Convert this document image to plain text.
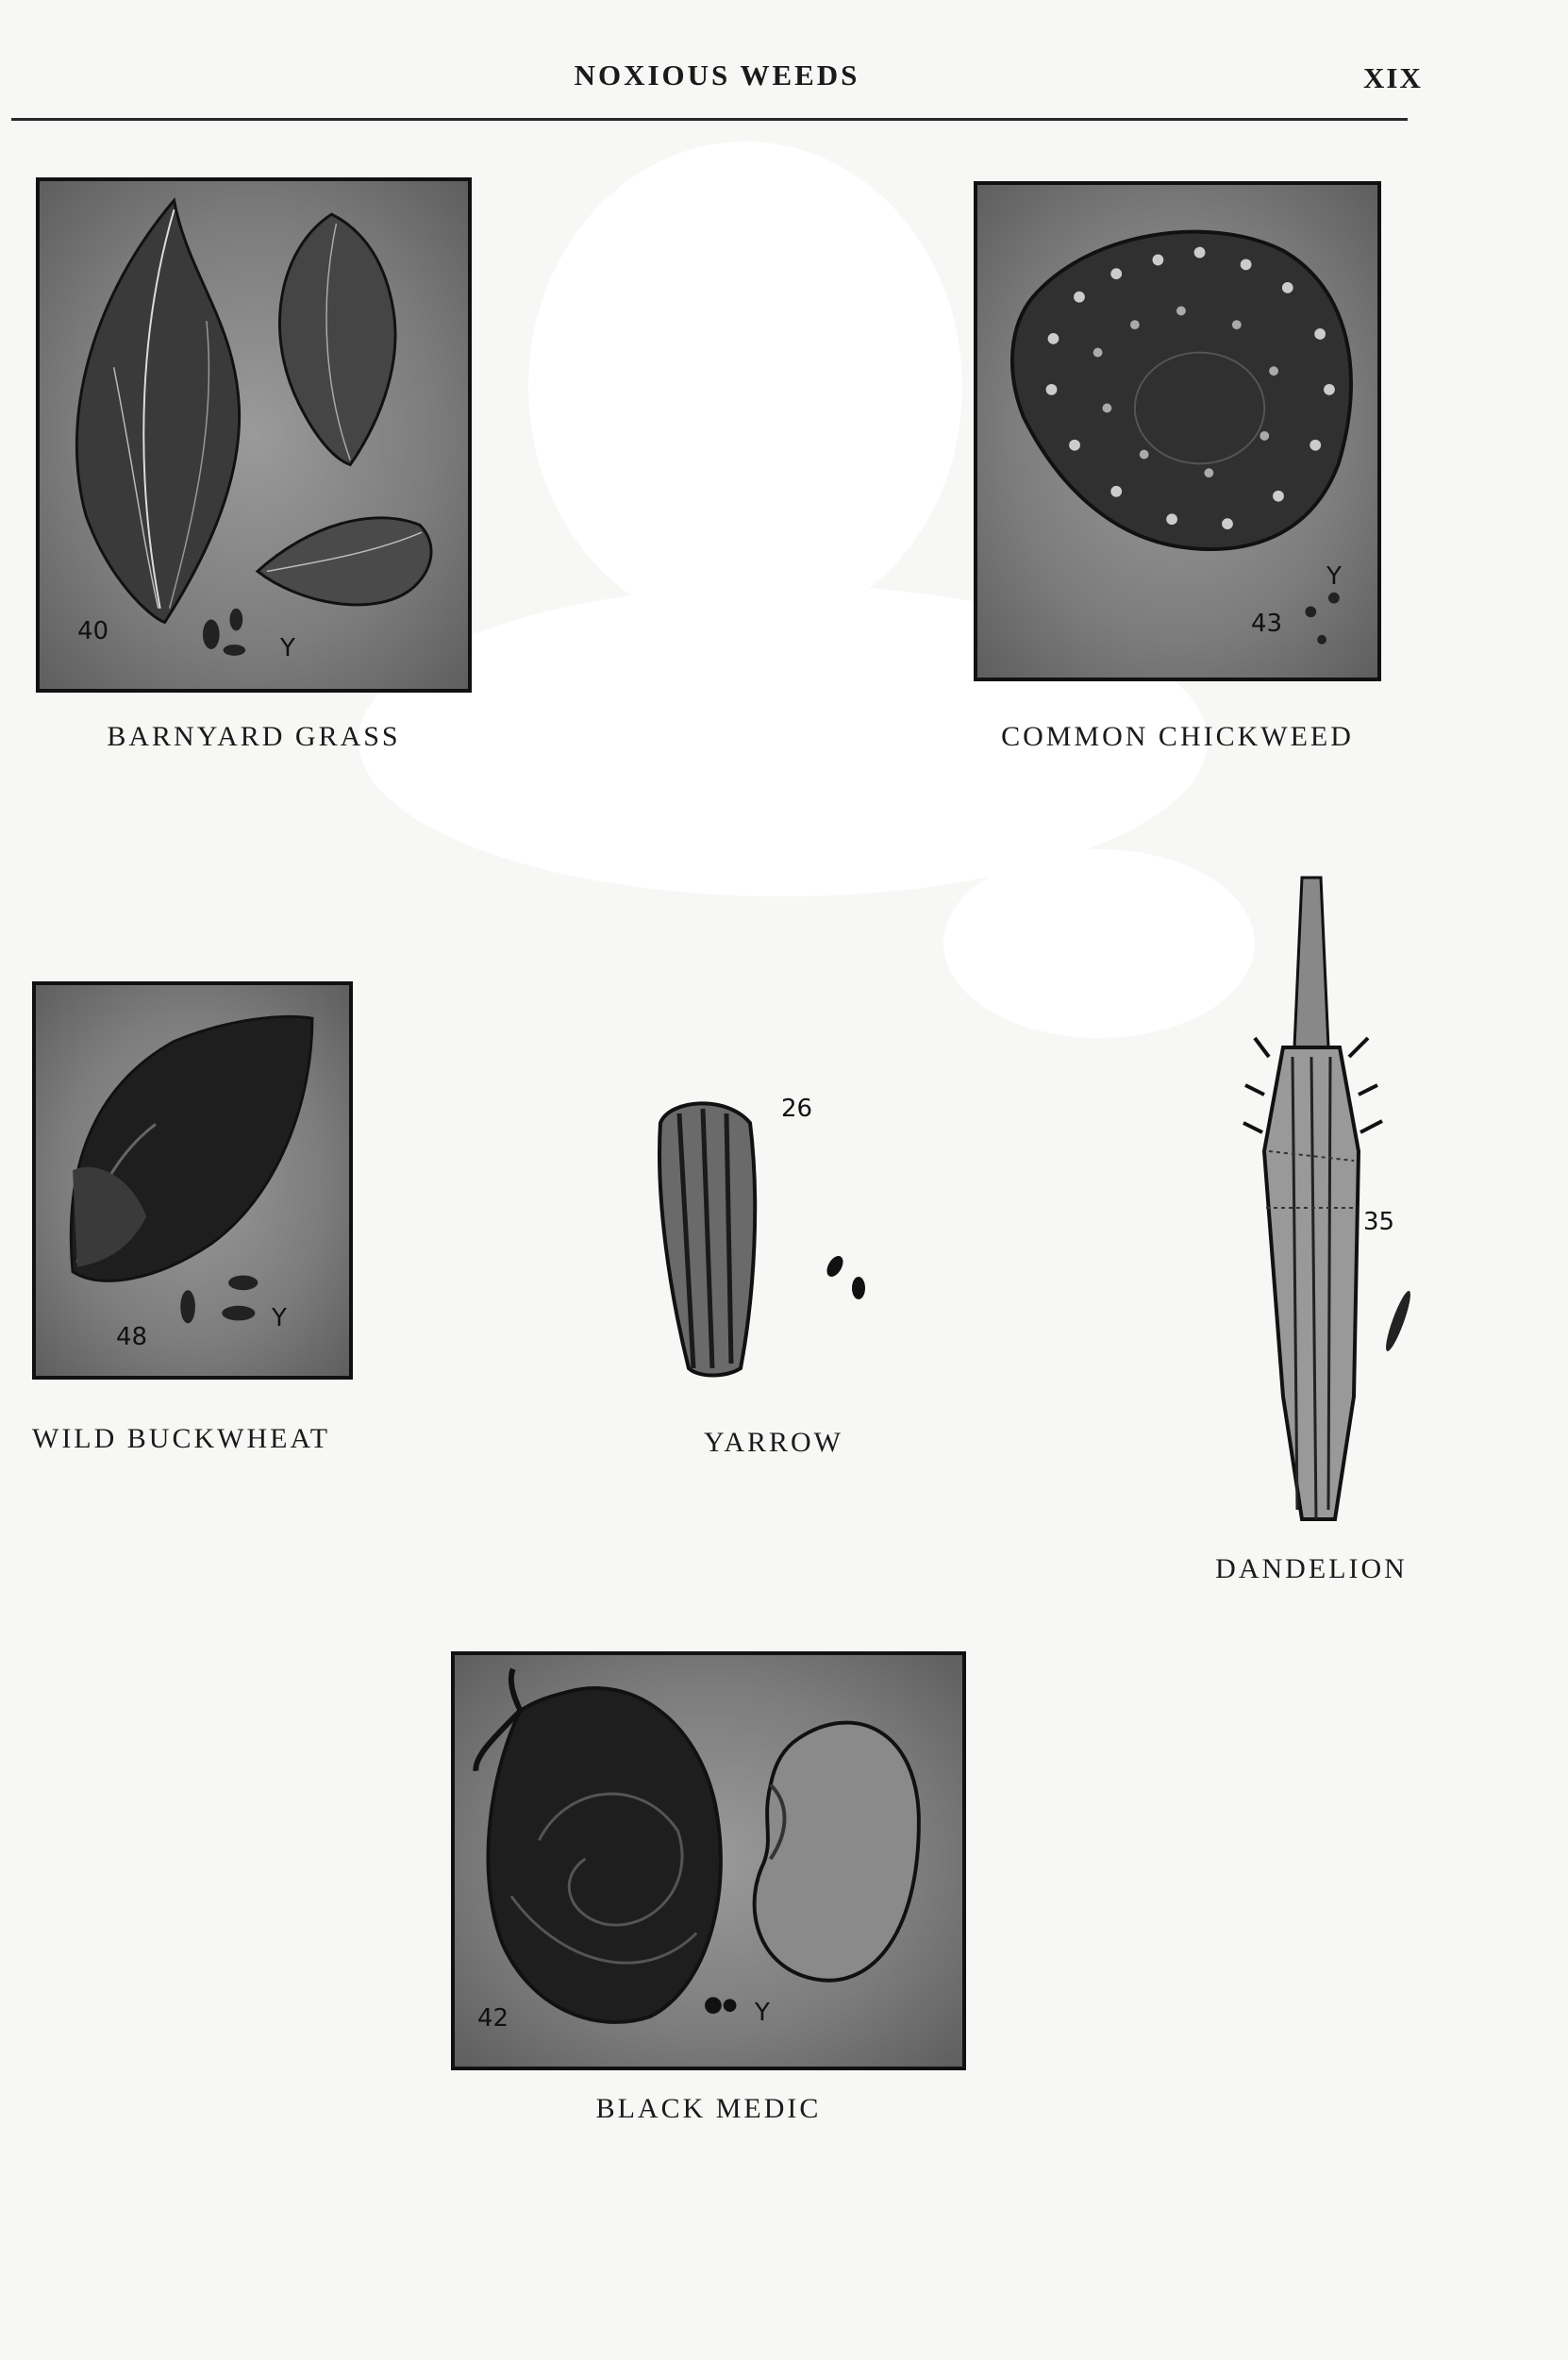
NOXIOUS WEEDS	XIX
40
Y
BARNYARD GRASS
43
Y
COMMON CHICKWEED
48
Y
WILD BUCKWHEAT
26
YARROW
35
DANDELION
42	Y
BLACK MEDIC
